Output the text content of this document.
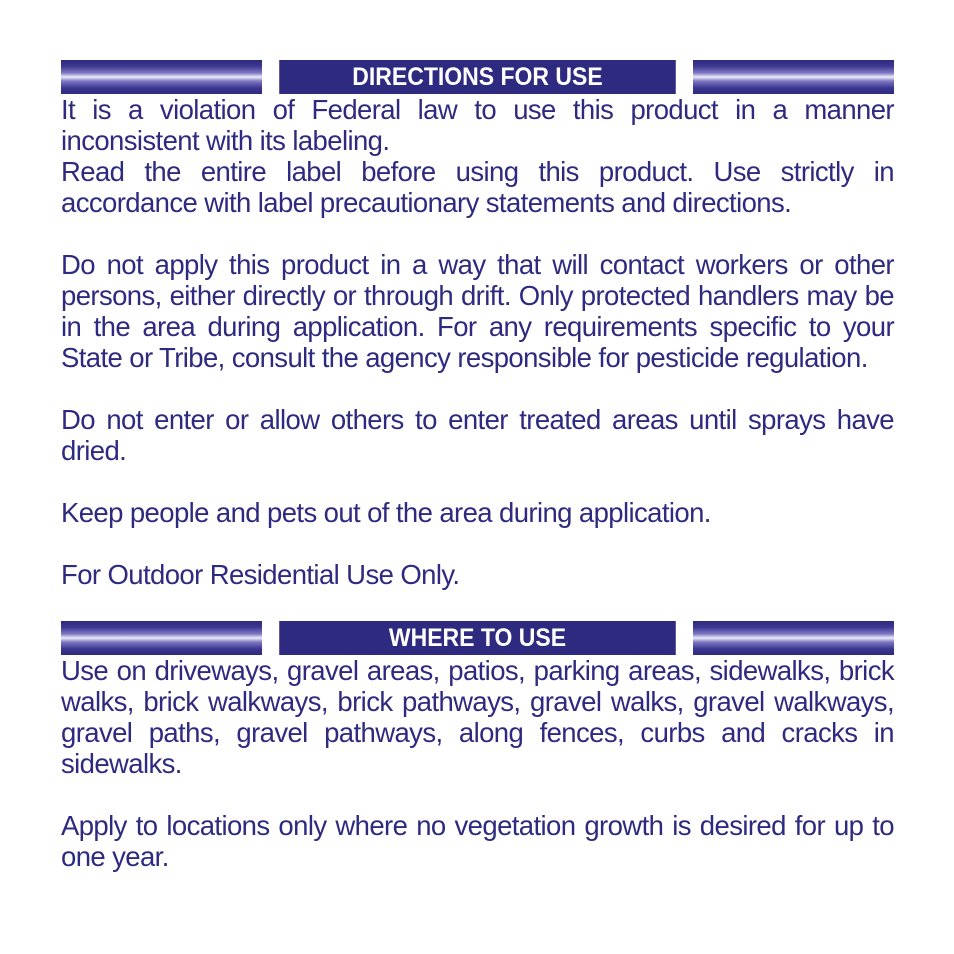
DIRECTIONS FOR USE

It is a violation of Federal law to use this product in a manner inconsistent with its labeling.

Read the entire label before using this product. Use strictly in accordance with label precautionary statements and directions.

Do not apply this product in a way that will contact workers or other persons, either directly or through drift. Only protected handlers may be in the area during application. For any requirements specific to your State or Tribe, consult the agency responsible for pesticide regulation.

Do not enter or allow others to enter treated areas until sprays have dried.

Keep people and pets out of the area during application.

For Outdoor Residential Use Only.

WHERE TO USE

Use on driveways, gravel areas, patios, parking areas, sidewalks, brick walks, brick walkways, brick pathways, gravel walks, gravel walkways, gravel paths, gravel pathways, along fences, curbs and cracks in sidewalks.

Apply to locations only where no vegetation growth is desired for up to one year.
